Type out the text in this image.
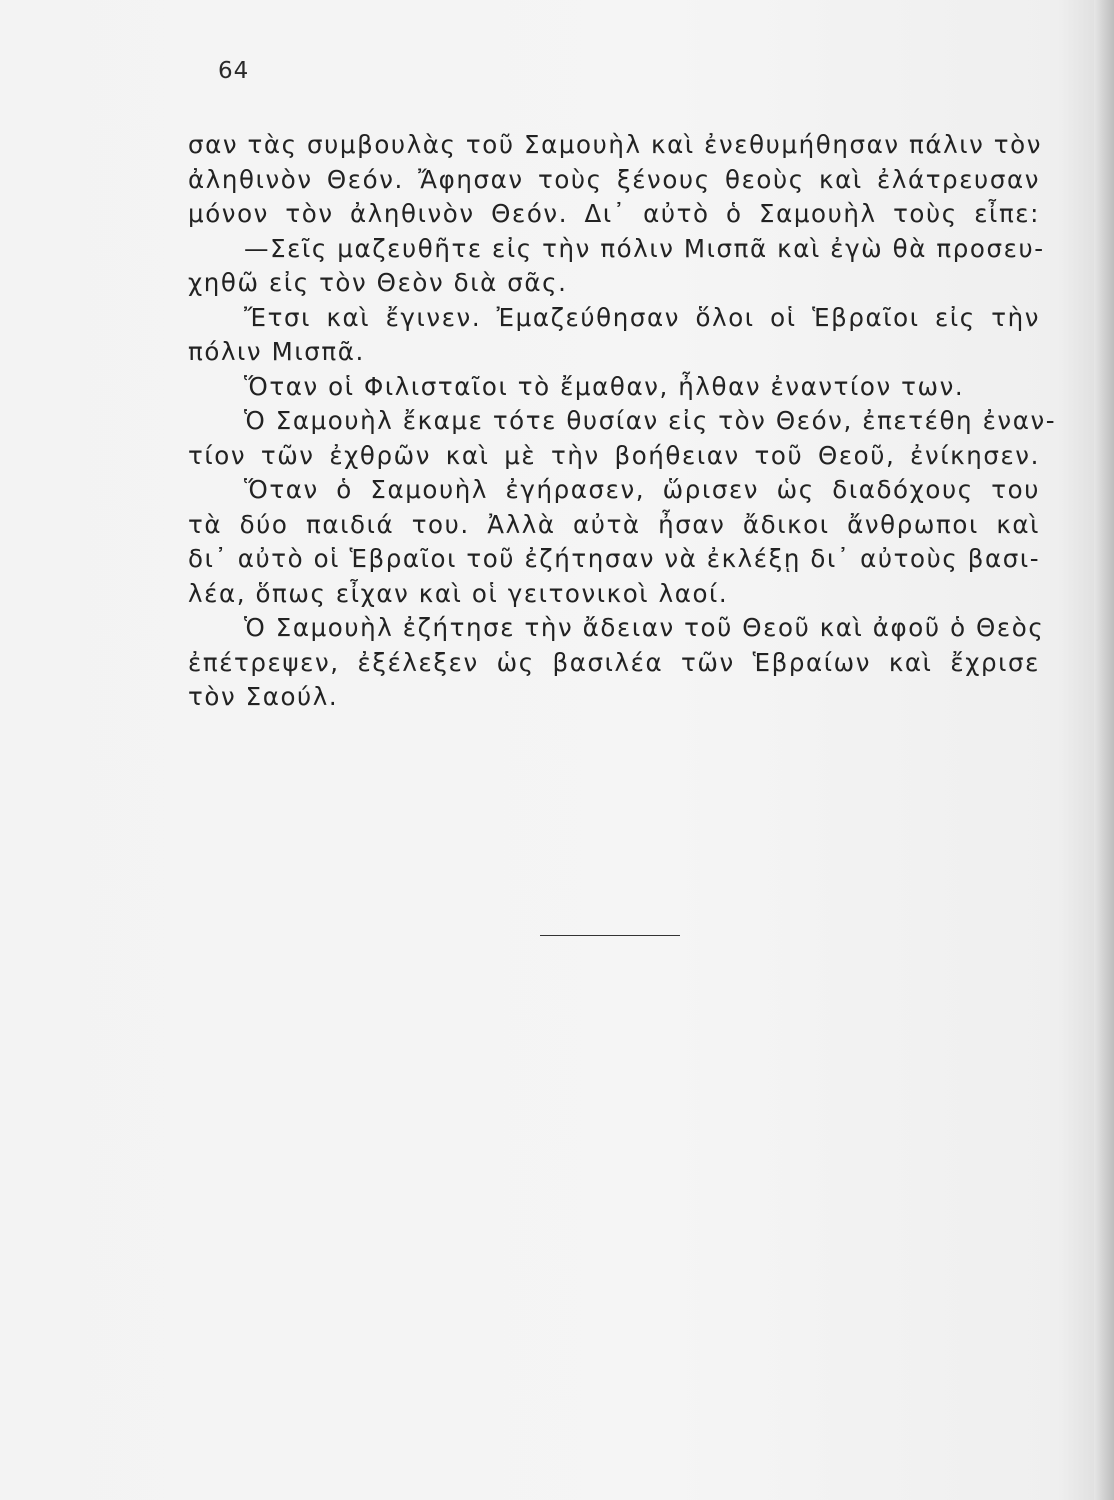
64
σαν τὰς συμβουλὰς τοῦ Σαμουὴλ καὶ ἐνεθυμήθησαν πάλιν τὸν
ἀληθινὸν Θεόν. Ἄφησαν τοὺς ξένους θεοὺς καὶ ἐλάτρευσαν
μόνον τὸν ἀληθινὸν Θεόν. Δι᾿ αὐτὸ ὁ Σαμουὴλ τοὺς εἶπε:
—Σεῖς μαζευθῆτε εἰς τὴν πόλιν Μισπᾶ καὶ ἐγὼ θὰ προσευ-
χηθῶ εἰς τὸν Θεὸν διὰ σᾶς.
Ἔτσι καὶ ἔγινεν. Ἐμαζεύθησαν ὅλοι οἱ Ἑβραῖοι εἰς τὴν
πόλιν Μισπᾶ.
Ὅταν οἱ Φιλισταῖοι τὸ ἔμαθαν, ἦλθαν ἐναντίον των.
Ὁ Σαμουὴλ ἔκαμε τότε θυσίαν εἰς τὸν Θεόν, ἐπετέθη ἐναν-
τίον τῶν ἐχθρῶν καὶ μὲ τὴν βοήθειαν τοῦ Θεοῦ, ἐνίκησεν.
Ὅταν ὁ Σαμουὴλ ἐγήρασεν, ὥρισεν ὡς διαδόχους του
τὰ δύο παιδιά του. Ἀλλὰ αὐτὰ ἦσαν ἄδικοι ἄνθρωποι καὶ
δι᾿ αὐτὸ οἱ Ἑβραῖοι τοῦ ἐζήτησαν νὰ ἐκλέξῃ δι᾿ αὐτοὺς βασι-
λέα, ὅπως εἶχαν καὶ οἱ γειτονικοὶ λαοί.
Ὁ Σαμουὴλ ἐζήτησε τὴν ἄδειαν τοῦ Θεοῦ καὶ ἀφοῦ ὁ Θεὸς
ἐπέτρεψεν, ἐξέλεξεν ὡς βασιλέα τῶν Ἑβραίων καὶ ἔχρισε
τὸν Σαούλ.
